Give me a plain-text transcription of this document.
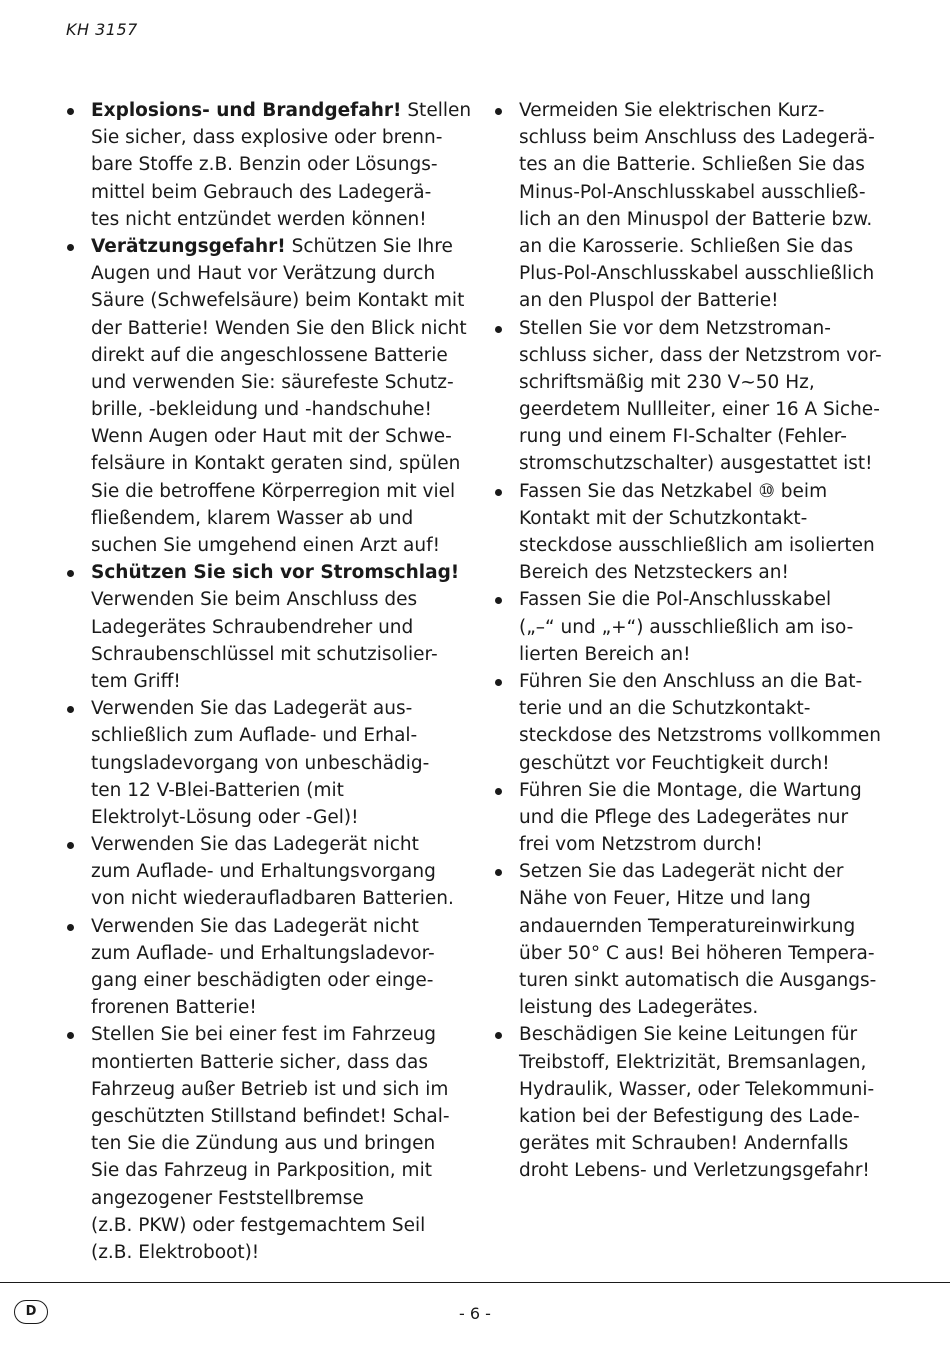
KH 3157
Explosions- und Brandgefahr! Stellen
Sie sicher, dass explosive oder brenn-
bare Stoffe z.B. Benzin oder Lösungs-
mittel beim Gebrauch des Ladegerä-
tes nicht entzündet werden können!
Verätzungsgefahr! Schützen Sie Ihre
Augen und Haut vor Verätzung durch
Säure (Schwefelsäure) beim Kontakt mit
der Batterie! Wenden Sie den Blick nicht
direkt auf die angeschlossene Batterie
und verwenden Sie: säurefeste Schutz-
brille, -bekleidung und -handschuhe!
Wenn Augen oder Haut mit der Schwe-
felsäure in Kontakt geraten sind, spülen
Sie die betroffene Körperregion mit viel
fließendem, klarem Wasser ab und
suchen Sie umgehend einen Arzt auf!
Schützen Sie sich vor Stromschlag!
Verwenden Sie beim Anschluss des
Ladegerätes Schraubendreher und
Schraubenschlüssel mit schutzisolier-
tem Griff!
Verwenden Sie das Ladegerät aus-
schließlich zum Auflade- und Erhal-
tungsladevorgang von unbeschädig-
ten 12 V-Blei-Batterien (mit
Elektrolyt-Lösung oder -Gel)!
Verwenden Sie das Ladegerät nicht
zum Auflade- und Erhaltungsvorgang
von nicht wiederaufladbaren Batterien.
Verwenden Sie das Ladegerät nicht
zum Auflade- und Erhaltungsladevor-
gang einer beschädigten oder einge-
frorenen Batterie!
Stellen Sie bei einer fest im Fahrzeug
montierten Batterie sicher, dass das
Fahrzeug außer Betrieb ist und sich im
geschützten Stillstand befindet! Schal-
ten Sie die Zündung aus und bringen
Sie das Fahrzeug in Parkposition, mit
angezogener Feststellbremse
(z.B. PKW) oder festgemachtem Seil
(z.B. Elektroboot)!
Vermeiden Sie elektrischen Kurz-
schluss beim Anschluss des Ladegerä-
tes an die Batterie. Schließen Sie das
Minus-Pol-Anschlusskabel ausschließ-
lich an den Minuspol der Batterie bzw.
an die Karosserie. Schließen Sie das
Plus-Pol-Anschlusskabel ausschließlich
an den Pluspol der Batterie!
Stellen Sie vor dem Netzstroman-
schluss sicher, dass der Netzstrom vor-
schriftsmäßig mit 230 V~50 Hz,
geerdetem Nullleiter, einer 16 A Siche-
rung und einem FI-Schalter (Fehler-
stromschutzschalter) ausgestattet ist!
Fassen Sie das Netzkabel ⑩ beim
Kontakt mit der Schutzkontakt-
steckdose ausschließlich am isolierten
Bereich des Netzsteckers an!
Fassen Sie die Pol-Anschlusskabel
(„–“ und „+“) ausschließlich am iso-
lierten Bereich an!
Führen Sie den Anschluss an die Bat-
terie und an die Schutzkontakt-
steckdose des Netzstroms vollkommen
geschützt vor Feuchtigkeit durch!
Führen Sie die Montage, die Wartung
und die Pflege des Ladegerätes nur
frei vom Netzstrom durch!
Setzen Sie das Ladegerät nicht der
Nähe von Feuer, Hitze und lang
andauernden Temperatureinwirkung
über 50° C aus! Bei höheren Tempera-
turen sinkt automatisch die Ausgangs-
leistung des Ladegerätes.
Beschädigen Sie keine Leitungen für
Treibstoff, Elektrizität, Bremsanlagen,
Hydraulik, Wasser, oder Telekommuni-
kation bei der Befestigung des Lade-
gerätes mit Schrauben! Andernfalls
droht Lebens- und Verletzungsgefahr!
D	- 6 -
